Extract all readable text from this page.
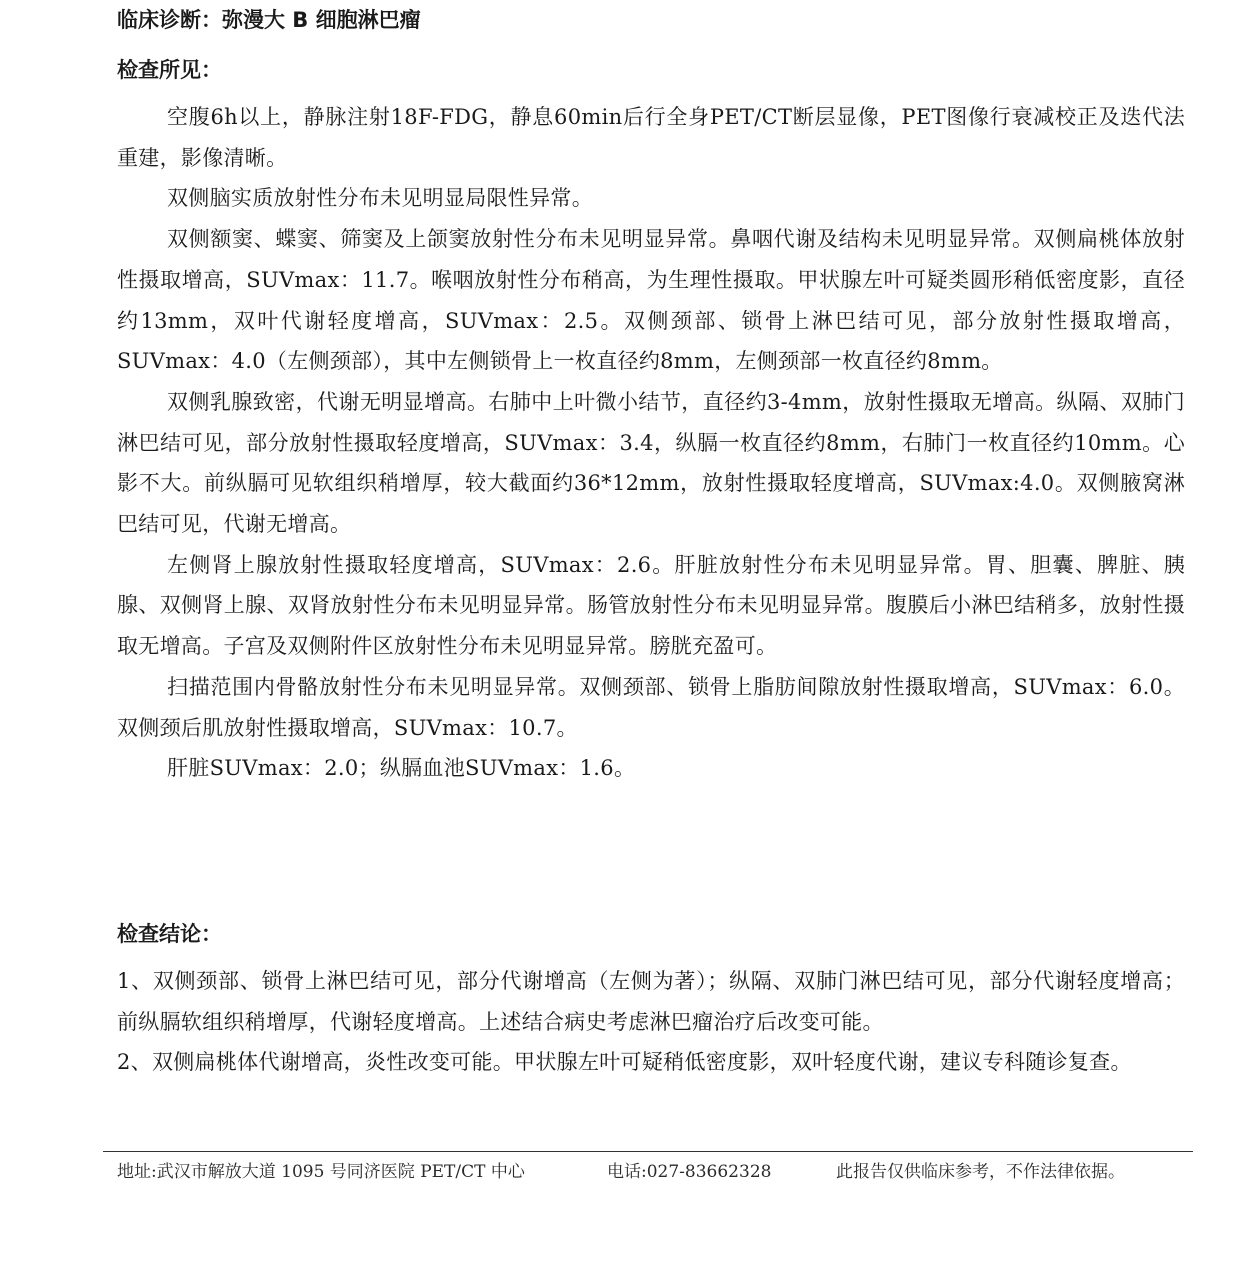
临床诊断：弥漫大 B 细胞淋巴瘤
检查所见：

空腹6h以上，静脉注射18F-FDG，静息60min后行全身PET/CT断层显像，PET图像行衰减校正及迭代法重建，影像清晰。

双侧脑实质放射性分布未见明显局限性异常。

双侧额窦、蝶窦、筛窦及上颌窦放射性分布未见明显异常。鼻咽代谢及结构未见明显异常。双侧扁桃体放射性摄取增高，SUVmax：11.7。喉咽放射性分布稍高，为生理性摄取。甲状腺左叶可疑类圆形稍低密度影，直径约13mm，双叶代谢轻度增高，SUVmax：2.5。双侧颈部、锁骨上淋巴结可见，部分放射性摄取增高，SUVmax：4.0（左侧颈部），其中左侧锁骨上一枚直径约8mm，左侧颈部一枚直径约8mm。

双侧乳腺致密，代谢无明显增高。右肺中上叶微小结节，直径约3-4mm，放射性摄取无增高。纵隔、双肺门淋巴结可见，部分放射性摄取轻度增高，SUVmax：3.4，纵膈一枚直径约8mm，右肺门一枚直径约10mm。心影不大。前纵膈可见软组织稍增厚，较大截面约36*12mm，放射性摄取轻度增高，SUVmax:4.0。双侧腋窝淋巴结可见，代谢无增高。

左侧肾上腺放射性摄取轻度增高，SUVmax：2.6。肝脏放射性分布未见明显异常。胃、胆囊、脾脏、胰腺、双侧肾上腺、双肾放射性分布未见明显异常。肠管放射性分布未见明显异常。腹膜后小淋巴结稍多，放射性摄取无增高。子宫及双侧附件区放射性分布未见明显异常。膀胱充盈可。

扫描范围内骨骼放射性分布未见明显异常。双侧颈部、锁骨上脂肪间隙放射性摄取增高，SUVmax：6.0。双侧颈后肌放射性摄取增高，SUVmax：10.7。

肝脏SUVmax：2.0；纵膈血池SUVmax：1.6。

检查结论：

1、双侧颈部、锁骨上淋巴结可见，部分代谢增高（左侧为著）；纵隔、双肺门淋巴结可见，部分代谢轻度增高；前纵膈软组织稍增厚，代谢轻度增高。上述结合病史考虑淋巴瘤治疗后改变可能。

2、双侧扁桃体代谢增高，炎性改变可能。甲状腺左叶可疑稍低密度影，双叶轻度代谢，建议专科随诊复查。

地址:武汉市解放大道 1095 号同济医院 PET/CT 中心	电话:027-83662328	此报告仅供临床参考，不作法律依据。
